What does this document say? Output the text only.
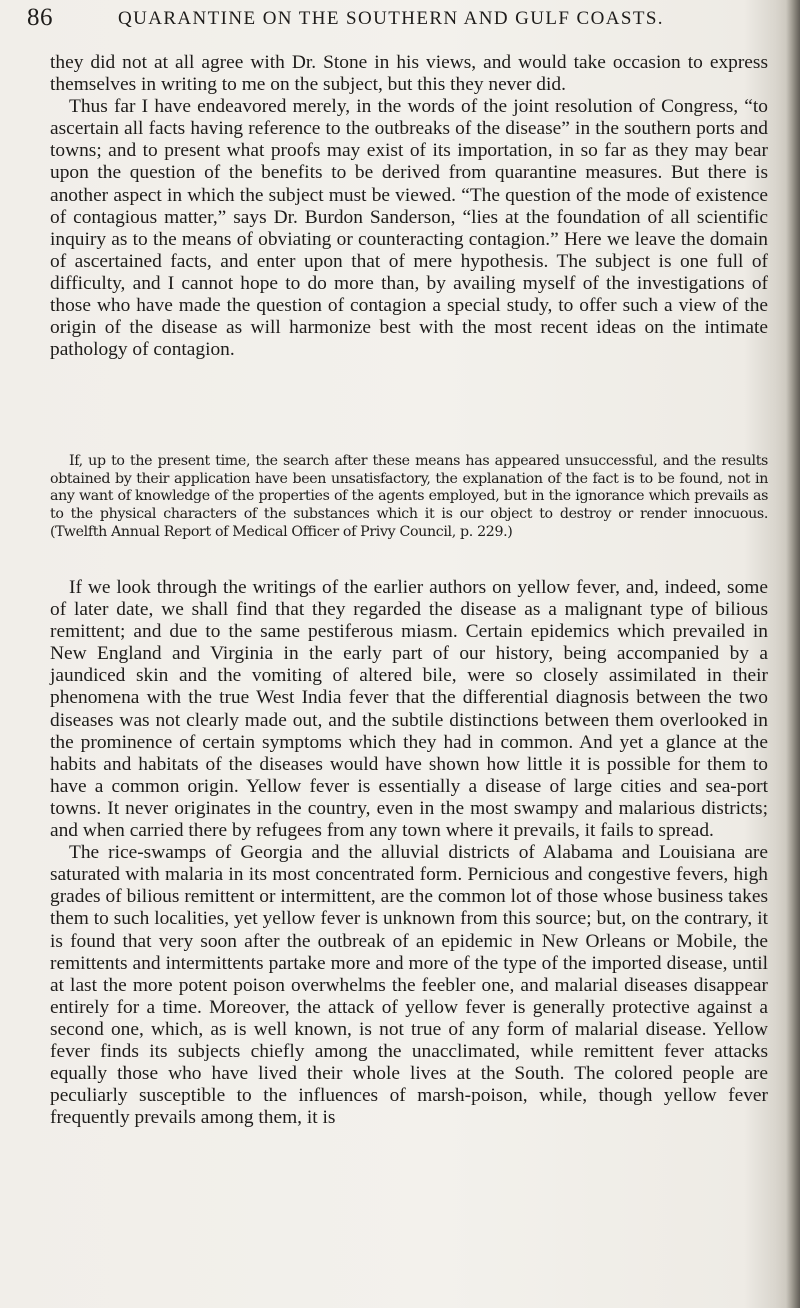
86	QUARANTINE ON THE SOUTHERN AND GULF COASTS.

they did not at all agree with Dr. Stone in his views, and would take occasion to express themselves in writing to me on the subject, but this they never did.

Thus far I have endeavored merely, in the words of the joint resolution of Congress, “to ascertain all facts having reference to the outbreaks of the disease” in the southern ports and towns; and to present what proofs may exist of its importation, in so far as they may bear upon the question of the benefits to be derived from quarantine measures. But there is another aspect in which the subject must be viewed. “The question of the mode of existence of contagious matter,” says Dr. Burdon Sanderson, “lies at the foundation of all scientific inquiry as to the means of obviating or counteracting contagion.” Here we leave the domain of ascertained facts, and enter upon that of mere hypothesis. The subject is one full of difficulty, and I cannot hope to do more than, by availing myself of the investigations of those who have made the question of contagion a special study, to offer such a view of the origin of the disease as will harmonize best with the most recent ideas on the intimate pathology of contagion.

If, up to the present time, the search after these means has appeared unsuccessful, and the results obtained by their application have been unsatisfactory, the explanation of the fact is to be found, not in any want of knowledge of the properties of the agents employed, but in the ignorance which prevails as to the physical characters of the substances which it is our object to destroy or render innocuous. (Twelfth Annual Report of Medical Officer of Privy Council, p. 229.)

If we look through the writings of the earlier authors on yellow fever, and, indeed, some of later date, we shall find that they regarded the disease as a malignant type of bilious remittent; and due to the same pestiferous miasm. Certain epidemics which prevailed in New England and Virginia in the early part of our history, being accompanied by a jaundiced skin and the vomiting of altered bile, were so closely assimilated in their phenomena with the true West India fever that the differential diagnosis between the two diseases was not clearly made out, and the subtile distinctions between them overlooked in the prominence of certain symptoms which they had in common. And yet a glance at the habits and habitats of the diseases would have shown how little it is possible for them to have a common origin. Yellow fever is essentially a disease of large cities and sea-port towns. It never originates in the country, even in the most swampy and malarious districts; and when carried there by refugees from any town where it prevails, it fails to spread.

The rice-swamps of Georgia and the alluvial districts of Alabama and Louisiana are saturated with malaria in its most concentrated form. Pernicious and congestive fevers, high grades of bilious remittent or intermittent, are the common lot of those whose business takes them to such localities, yet yellow fever is unknown from this source; but, on the contrary, it is found that very soon after the outbreak of an epidemic in New Orleans or Mobile, the remittents and intermittents partake more and more of the type of the imported disease, until at last the more potent poison overwhelms the feebler one, and malarial diseases disappear entirely for a time. Moreover, the attack of yellow fever is generally protective against a second one, which, as is well known, is not true of any form of malarial disease. Yellow fever finds its subjects chiefly among the unacclimated, while remittent fever attacks equally those who have lived their whole lives at the South. The colored people are peculiarly susceptible to the influences of marsh-poison, while, though yellow fever frequently prevails among them, it is
